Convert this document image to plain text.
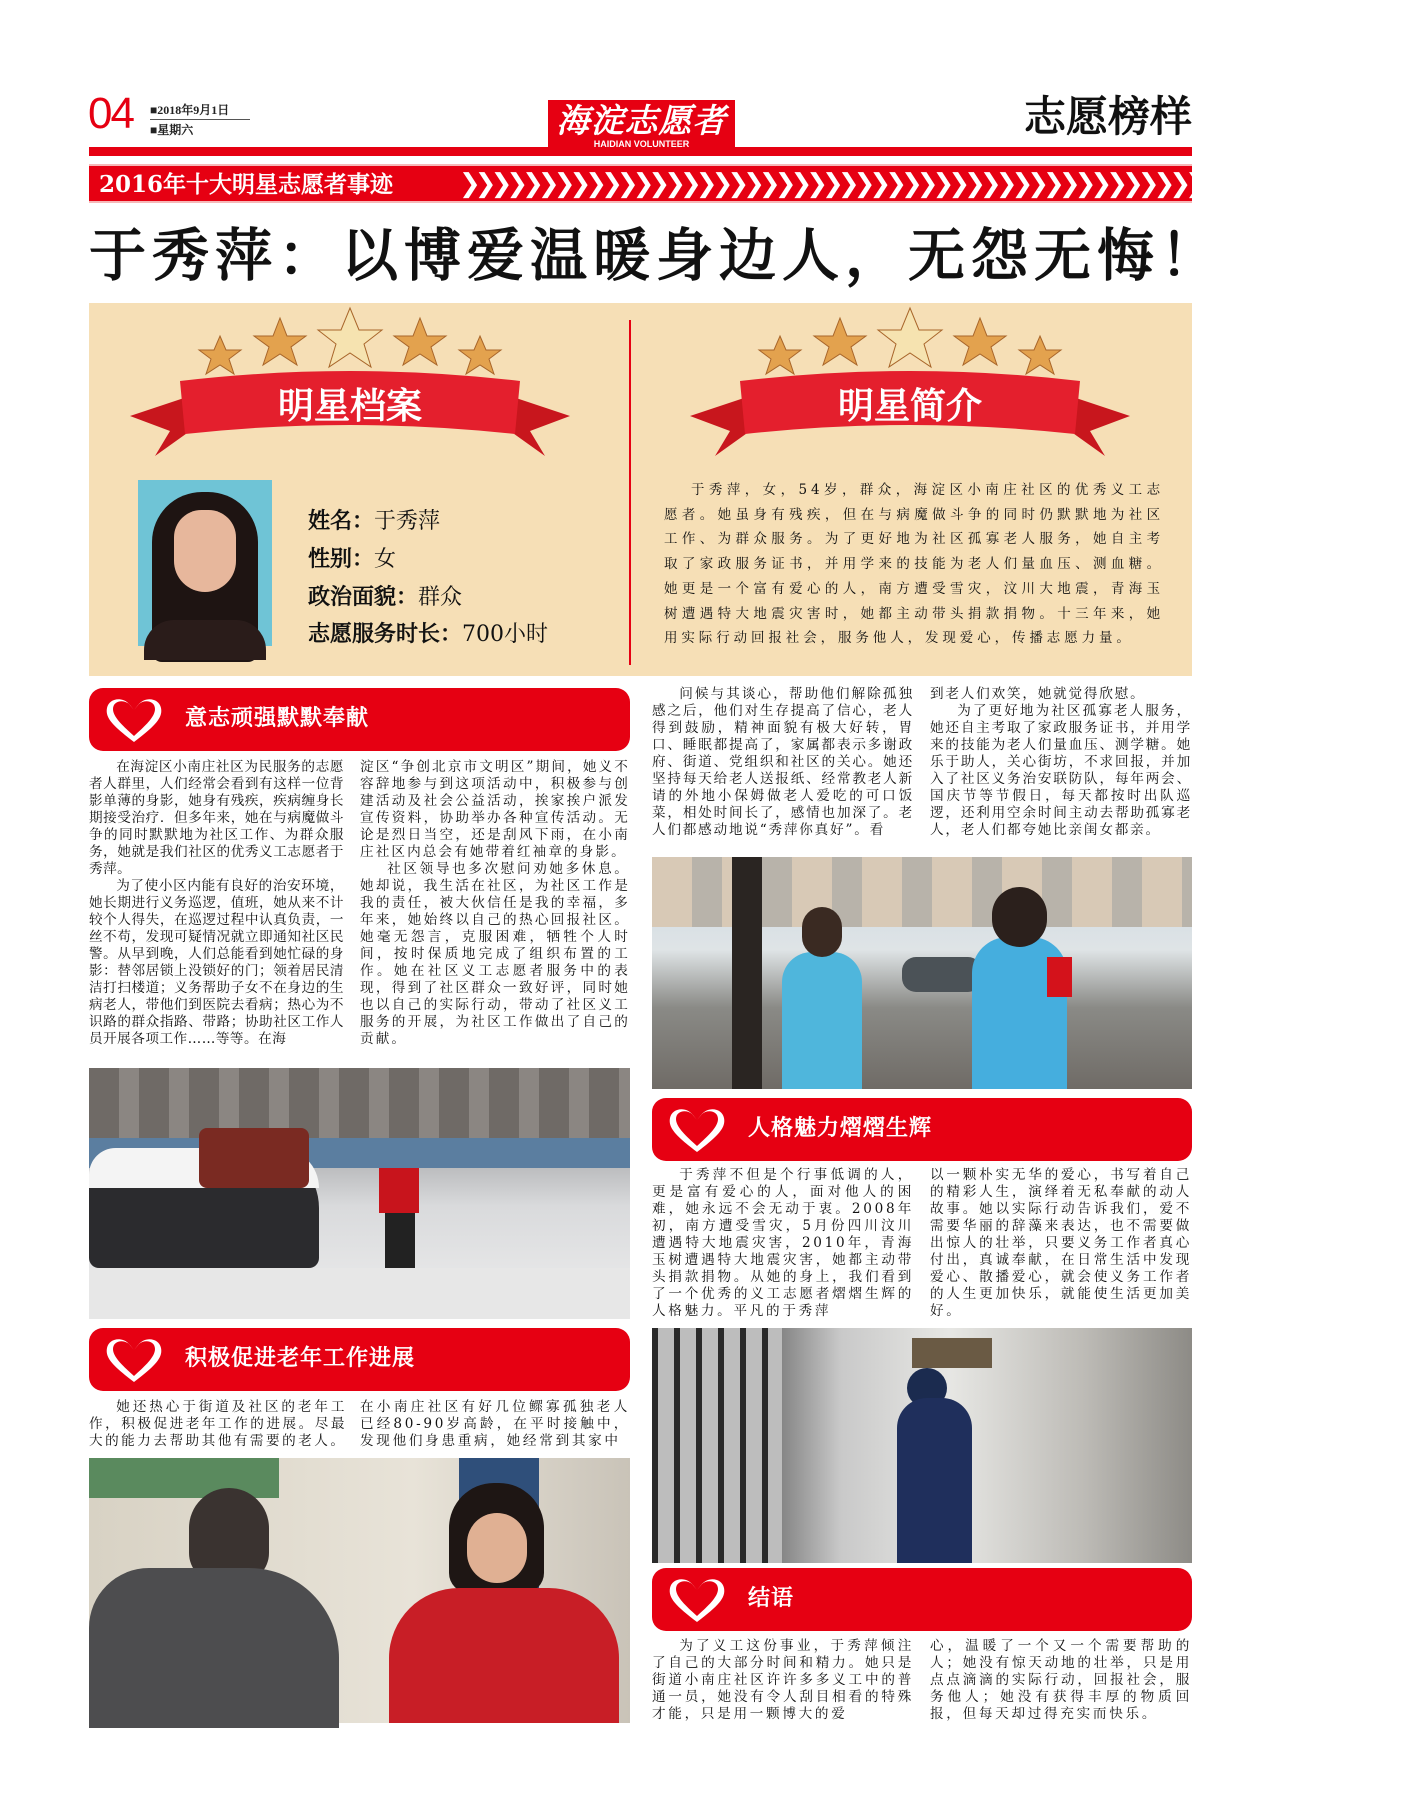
04 ■2018年9月1日
■星期六	海淀志愿者
HAIDIAN VOLUNTEER
志愿榜样
2016年十大明星志愿者事迹	❯❯❯❯❯❯❯❯❯❯❯❯❯❯❯❯❯❯❯❯❯❯❯❯❯❯❯❯❯❯❯❯❯❯❯❯❯❯❯❯❯❯❯❯❯❯❯❯❯❯❯❯❯❯❯❯❯❯❯❯
于秀萍：以博爱温暖身边人，无怨无悔！
明星档案
姓名：于秀萍
性别：女
政治面貌：群众
志愿服务时长：700小时
明星简介
于秀萍，女，54岁，群众，海淀区小南庄社区的优秀义工志愿者。她虽身有残疾，但在与病魔做斗争的同时仍默默地为社区工作、为群众服务。为了更好地为社区孤寡老人服务，她自主考取了家政服务证书，并用学来的技能为老人们量血压、测血糖。她更是一个富有爱心的人，南方遭受雪灾，汶川大地震，青海玉树遭遇特大地震灾害时，她都主动带头捐款捐物。十三年来，她用实际行动回报社会，服务他人，发现爱心，传播志愿力量。
意志顽强默默奉献

在海淀区小南庄社区为民服务的志愿者人群里，人们经常会看到有这样一位背影单薄的身影，她身有残疾，疾病缠身长期接受治疗．但多年来，她在与病魔做斗争的同时默默地为社区工作、为群众服务，她就是我们社区的优秀义工志愿者于秀萍。

为了使小区内能有良好的治安环境，她长期进行义务巡逻，值班，她从来不计较个人得失，在巡逻过程中认真负责，一丝不苟，发现可疑情况就立即通知社区民警。从早到晚，人们总能看到她忙碌的身影：替邻居锁上没锁好的门；领着居民清洁打扫楼道；义务帮助子女不在身边的生病老人，带他们到医院去看病；热心为不识路的群众指路、带路；协助社区工作人员开展各项工作……等等。在海

淀区“争创北京市文明区”期间，她义不容辞地参与到这项活动中，积极参与创建活动及社会公益活动，挨家挨户派发宣传资料，协助举办各种宣传活动。无论是烈日当空，还是刮风下雨，在小南庄社区内总会有她带着红袖章的身影。

社区领导也多次慰问劝她多休息。她却说，我生活在社区，为社区工作是我的责任，被大伙信任是我的幸福，多年来，她始终以自己的热心回报社区。她毫无怨言，克服困难，牺牲个人时间，按时保质地完成了组织布置的工作。她在社区义工志愿者服务中的表现，得到了社区群众一致好评，同时她也以自己的实际行动，带动了社区义工服务的开展，为社区工作做出了自己的贡献。

积极促进老年工作进展

她还热心于街道及社区的老年工作，积极促进老年工作的进展。尽最大的能力去帮助其他有需要的老人。

在小南庄社区有好几位鳏寡孤独老人已经80-90岁高龄，在平时接触中，发现他们身患重病，她经常到其家中

问候与其谈心，帮助他们解除孤独感之后，他们对生存提高了信心，老人得到鼓励，精神面貌有极大好转，胃口、睡眠都提高了，家属都表示多谢政府、街道、党组织和社区的关心。她还坚持每天给老人送报纸、经常教老人新请的外地小保姆做老人爱吃的可口饭菜，相处时间长了，感情也加深了。老人们都感动地说“秀萍你真好”。看

到老人们欢笑，她就觉得欣慰。

为了更好地为社区孤寡老人服务，她还自主考取了家政服务证书，并用学来的技能为老人们量血压、测学糖。她乐于助人，关心街坊，不求回报，并加入了社区义务治安联防队，每年两会、国庆节等节假日，每天都按时出队巡逻，还利用空余时间主动去帮助孤寡老人，老人们都夸她比亲闺女都亲。

人格魅力熠熠生辉

于秀萍不但是个行事低调的人，更是富有爱心的人，面对他人的困难，她永远不会无动于衷。2008年初，南方遭受雪灾，5月份四川汶川遭遇特大地震灾害，2010年，青海玉树遭遇特大地震灾害，她都主动带头捐款捐物。从她的身上，我们看到了一个优秀的义工志愿者熠熠生辉的人格魅力。平凡的于秀萍

以一颗朴实无华的爱心，书写着自己的精彩人生，演绎着无私奉献的动人故事。她以实际行动告诉我们，爱不需要华丽的辞藻来表达，也不需要做出惊人的壮举，只要义务工作者真心付出，真诚奉献，在日常生活中发现爱心、散播爱心，就会使义务工作者的人生更加快乐，就能使生活更加美好。

结语

为了义工这份事业，于秀萍倾注了自己的大部分时间和精力。她只是街道小南庄社区许许多多义工中的普通一员，她没有令人刮目相看的特殊才能，只是用一颗博大的爱

心，温暖了一个又一个需要帮助的人；她没有惊天动地的壮举，只是用点点滴滴的实际行动，回报社会，服务他人；她没有获得丰厚的物质回报，但每天却过得充实而快乐。
